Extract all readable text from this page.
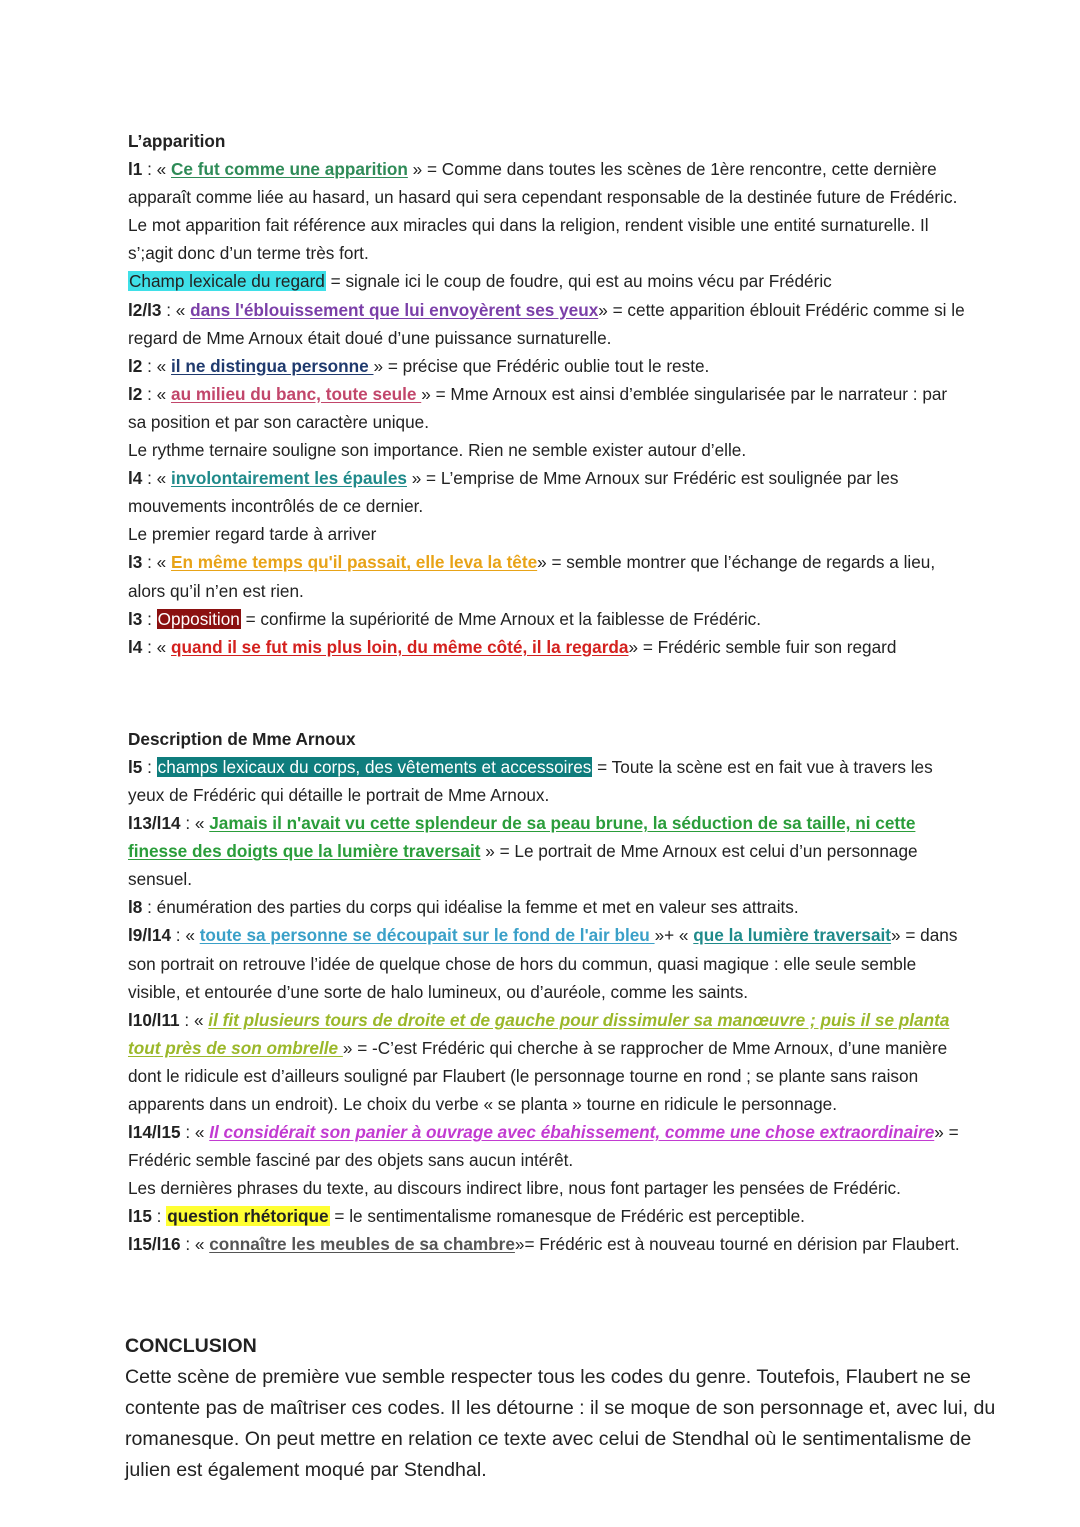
L’apparition

l1 : « Ce fut comme une apparition » = Comme dans toutes les scènes de 1ère rencontre, cette dernière apparaît comme liée au hasard, un hasard qui sera cependant responsable de la destinée future de Frédéric. Le mot apparition fait référence aux miracles qui dans la religion, rendent visible une entité surnaturelle. Il s’;agit donc d’un terme très fort.

Champ lexicale du regard = signale ici le coup de foudre, qui est au moins vécu par Frédéric

l2/l3 : « dans l'éblouissement que lui envoyèrent ses yeux» = cette apparition éblouit Frédéric comme si le regard de Mme Arnoux était doué d’une puissance surnaturelle.

l2 : « il ne distingua personne » = précise que Frédéric oublie tout le reste.

l2 : « au milieu du banc, toute seule » = Mme Arnoux est ainsi d’emblée singularisée par le narrateur : par sa position et par son caractère unique.

Le rythme ternaire souligne son importance. Rien ne semble exister autour d’elle.

l4 : « involontairement les épaules » = L’emprise de Mme Arnoux sur Frédéric est soulignée par les mouvements incontrôlés de ce dernier.

Le premier regard tarde à arriver

l3 : « En même temps qu'il passait, elle leva la tête» = semble montrer que l’échange de regards a lieu, alors qu’il n’en est rien.

l3 : Opposition = confirme la supériorité de Mme Arnoux et la faiblesse de Frédéric.

l4 : « quand il se fut mis plus loin, du même côté, il la regarda» = Frédéric semble fuir son regard

Description de Mme Arnoux

l5 : champs lexicaux du corps, des vêtements et accessoires = Toute la scène est en fait vue à travers les yeux de Frédéric qui détaille le portrait de Mme Arnoux.

l13/l14 : « Jamais il n'avait vu cette splendeur de sa peau brune, la séduction de sa taille, ni cette finesse des doigts que la lumière traversait » = Le portrait de Mme Arnoux est celui d’un personnage sensuel.

l8 : énumération des parties du corps qui idéalise la femme et met en valeur ses attraits.

l9/l14 : « toute sa personne se découpait sur le fond de l'air bleu »+ « que la lumière traversait» = dans son portrait on retrouve l’idée de quelque chose de hors du commun, quasi magique : elle seule semble visible, et entourée d’une sorte de halo lumineux, ou d’auréole, comme les saints.

l10/l11 : « il fit plusieurs tours de droite et de gauche pour dissimuler sa manœuvre ; puis il se planta tout près de son ombrelle » = -C’est Frédéric qui cherche à se rapprocher de Mme Arnoux, d’une manière dont le ridicule est d’ailleurs souligné par Flaubert (le personnage tourne en rond ; se plante sans raison apparents dans un endroit). Le choix du verbe « se planta » tourne en ridicule le personnage.

l14/l15 : « Il considérait son panier à ouvrage avec ébahissement, comme une chose extraordinaire» = Frédéric semble fasciné par des objets sans aucun intérêt.

Les dernières phrases du texte, au discours indirect libre, nous font partager les pensées de Frédéric.

l15 : question rhétorique = le sentimentalisme romanesque de Frédéric est perceptible.

l15/l16 : « connaître les meubles de sa chambre»= Frédéric est à nouveau tourné en dérision par Flaubert.

CONCLUSION

Cette scène de première vue semble respecter tous les codes du genre. Toutefois, Flaubert ne se contente pas de maîtriser ces codes. Il les détourne : il se moque de son personnage et, avec lui, du romanesque. On peut mettre en relation ce texte avec celui de Stendhal où le sentimentalisme de julien est également moqué par Stendhal.
